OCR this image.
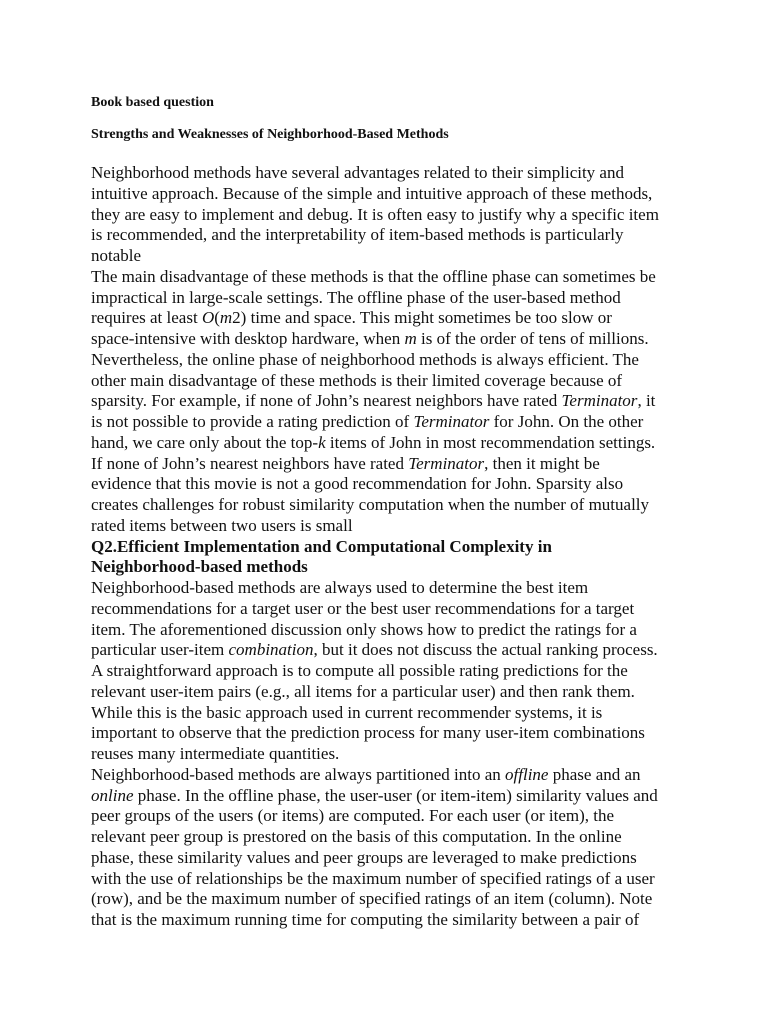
Book based question
Strengths and Weaknesses of Neighborhood-Based Methods
Neighborhood methods have several advantages related to their simplicity and
intuitive approach. Because of the simple and intuitive approach of these methods,
they are easy to implement and debug. It is often easy to justify why a specific item
is recommended, and the interpretability of item-based methods is particularly
notable
The main disadvantage of these methods is that the offline phase can sometimes be
impractical in large-scale settings. The offline phase of the user-based method
requires at least O(m2) time and space. This might sometimes be too slow or
space-intensive with desktop hardware, when m is of the order of tens of millions.
Nevertheless, the online phase of neighborhood methods is always efficient. The
other main disadvantage of these methods is their limited coverage because of
sparsity. For example, if none of John’s nearest neighbors have rated Terminator, it
is not possible to provide a rating prediction of Terminator for John. On the other
hand, we care only about the top-k items of John in most recommendation settings.
If none of John’s nearest neighbors have rated Terminator, then it might be
evidence that this movie is not a good recommendation for John. Sparsity also
creates challenges for robust similarity computation when the number of mutually
rated items between two users is small
Q2.Efficient Implementation and Computational Complexity in
Neighborhood-based methods
Neighborhood-based methods are always used to determine the best item
recommendations for a target user or the best user recommendations for a target
item. The aforementioned discussion only shows how to predict the ratings for a
particular user-item combination, but it does not discuss the actual ranking process.
A straightforward approach is to compute all possible rating predictions for the
relevant user-item pairs (e.g., all items for a particular user) and then rank them.
While this is the basic approach used in current recommender systems, it is
important to observe that the prediction process for many user-item combinations
reuses many intermediate quantities.
Neighborhood-based methods are always partitioned into an offline phase and an
online phase. In the offline phase, the user-user (or item-item) similarity values and
peer groups of the users (or items) are computed. For each user (or item), the
relevant peer group is prestored on the basis of this computation. In the online
phase, these similarity values and peer groups are leveraged to make predictions
with the use of relationships be the maximum number of specified ratings of a user
(row), and be the maximum number of specified ratings of an item (column). Note
that is the maximum running time for computing the similarity between a pair of
